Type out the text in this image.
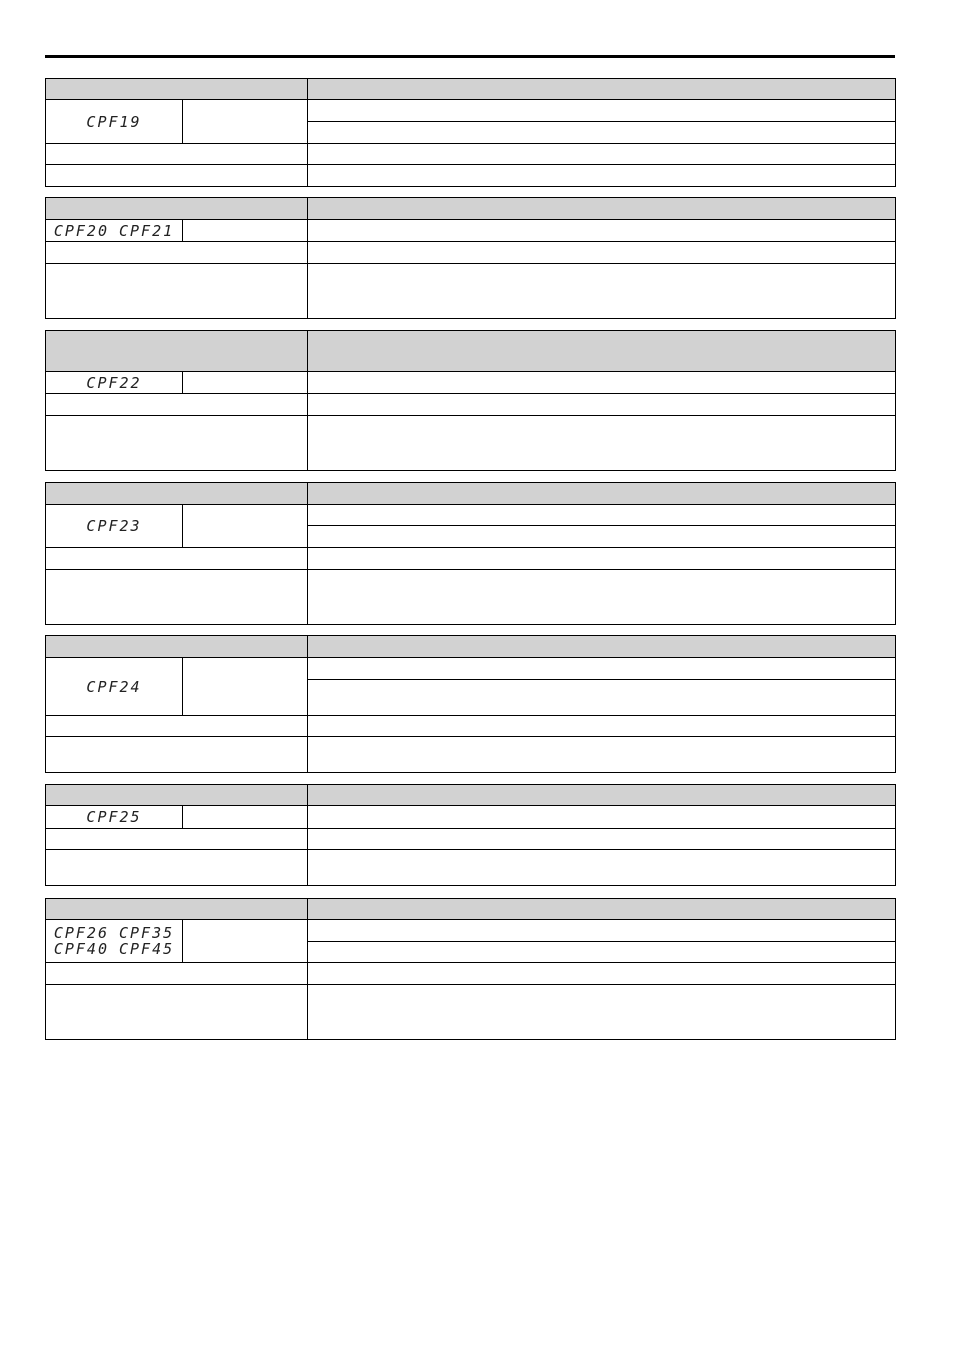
CPF19		

CPF20 CPF21		

CPF22		

CPF23		

CPF24		

CPF25		

CPF26 CPF35
CPF40 CPF45		
